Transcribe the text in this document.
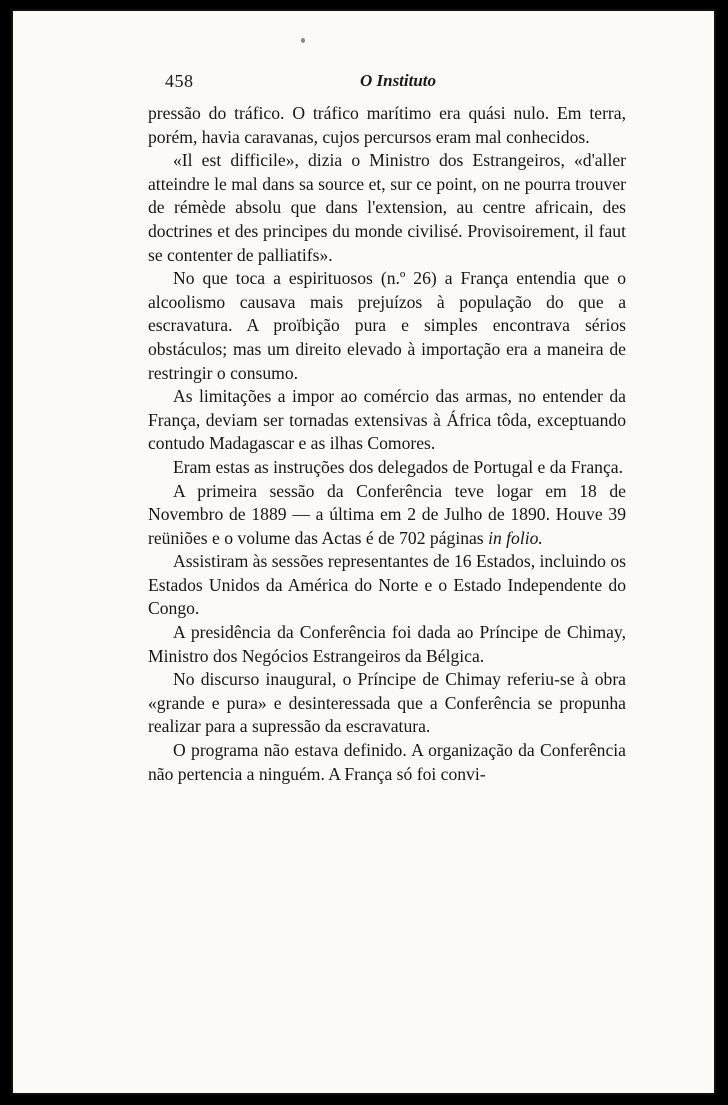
458	O Instituto

pressão do tráfico. O tráfico marítimo era quási nulo. Em terra, porém, havia caravanas, cujos percursos eram mal conhecidos.

«Il est difficile», dizia o Ministro dos Estrangeiros, «d'aller atteindre le mal dans sa source et, sur ce point, on ne pourra trouver de rémède absolu que dans l'extension, au centre africain, des doctrines et des principes du monde civilisé. Provisoirement, il faut se contenter de palliatifs».

No que toca a espirituosos (n.º 26) a França entendia que o alcoolismo causava mais prejuízos à população do que a escravatura. A proïbição pura e simples encontrava sérios obstáculos; mas um direito elevado à importação era a maneira de restringir o consumo.

As limitações a impor ao comércio das armas, no entender da França, deviam ser tornadas extensivas à África tôda, exceptuando contudo Madagascar e as ilhas Comores.

Eram estas as instruções dos delegados de Portugal e da França.

A primeira sessão da Conferência teve logar em 18 de Novembro de 1889 — a última em 2 de Julho de 1890. Houve 39 reüniões e o volume das Actas é de 702 páginas in folio.

Assistiram às sessões representantes de 16 Estados, incluindo os Estados Unidos da América do Norte e o Estado Independente do Congo.

A presidência da Conferência foi dada ao Príncipe de Chimay, Ministro dos Negócios Estrangeiros da Bélgica.

No discurso inaugural, o Príncipe de Chimay referiu-se à obra «grande e pura» e desinteressada que a Conferência se propunha realizar para a supressão da escravatura.

O programa não estava definido. A organização da Conferência não pertencia a ninguém. A França só foi convi-
